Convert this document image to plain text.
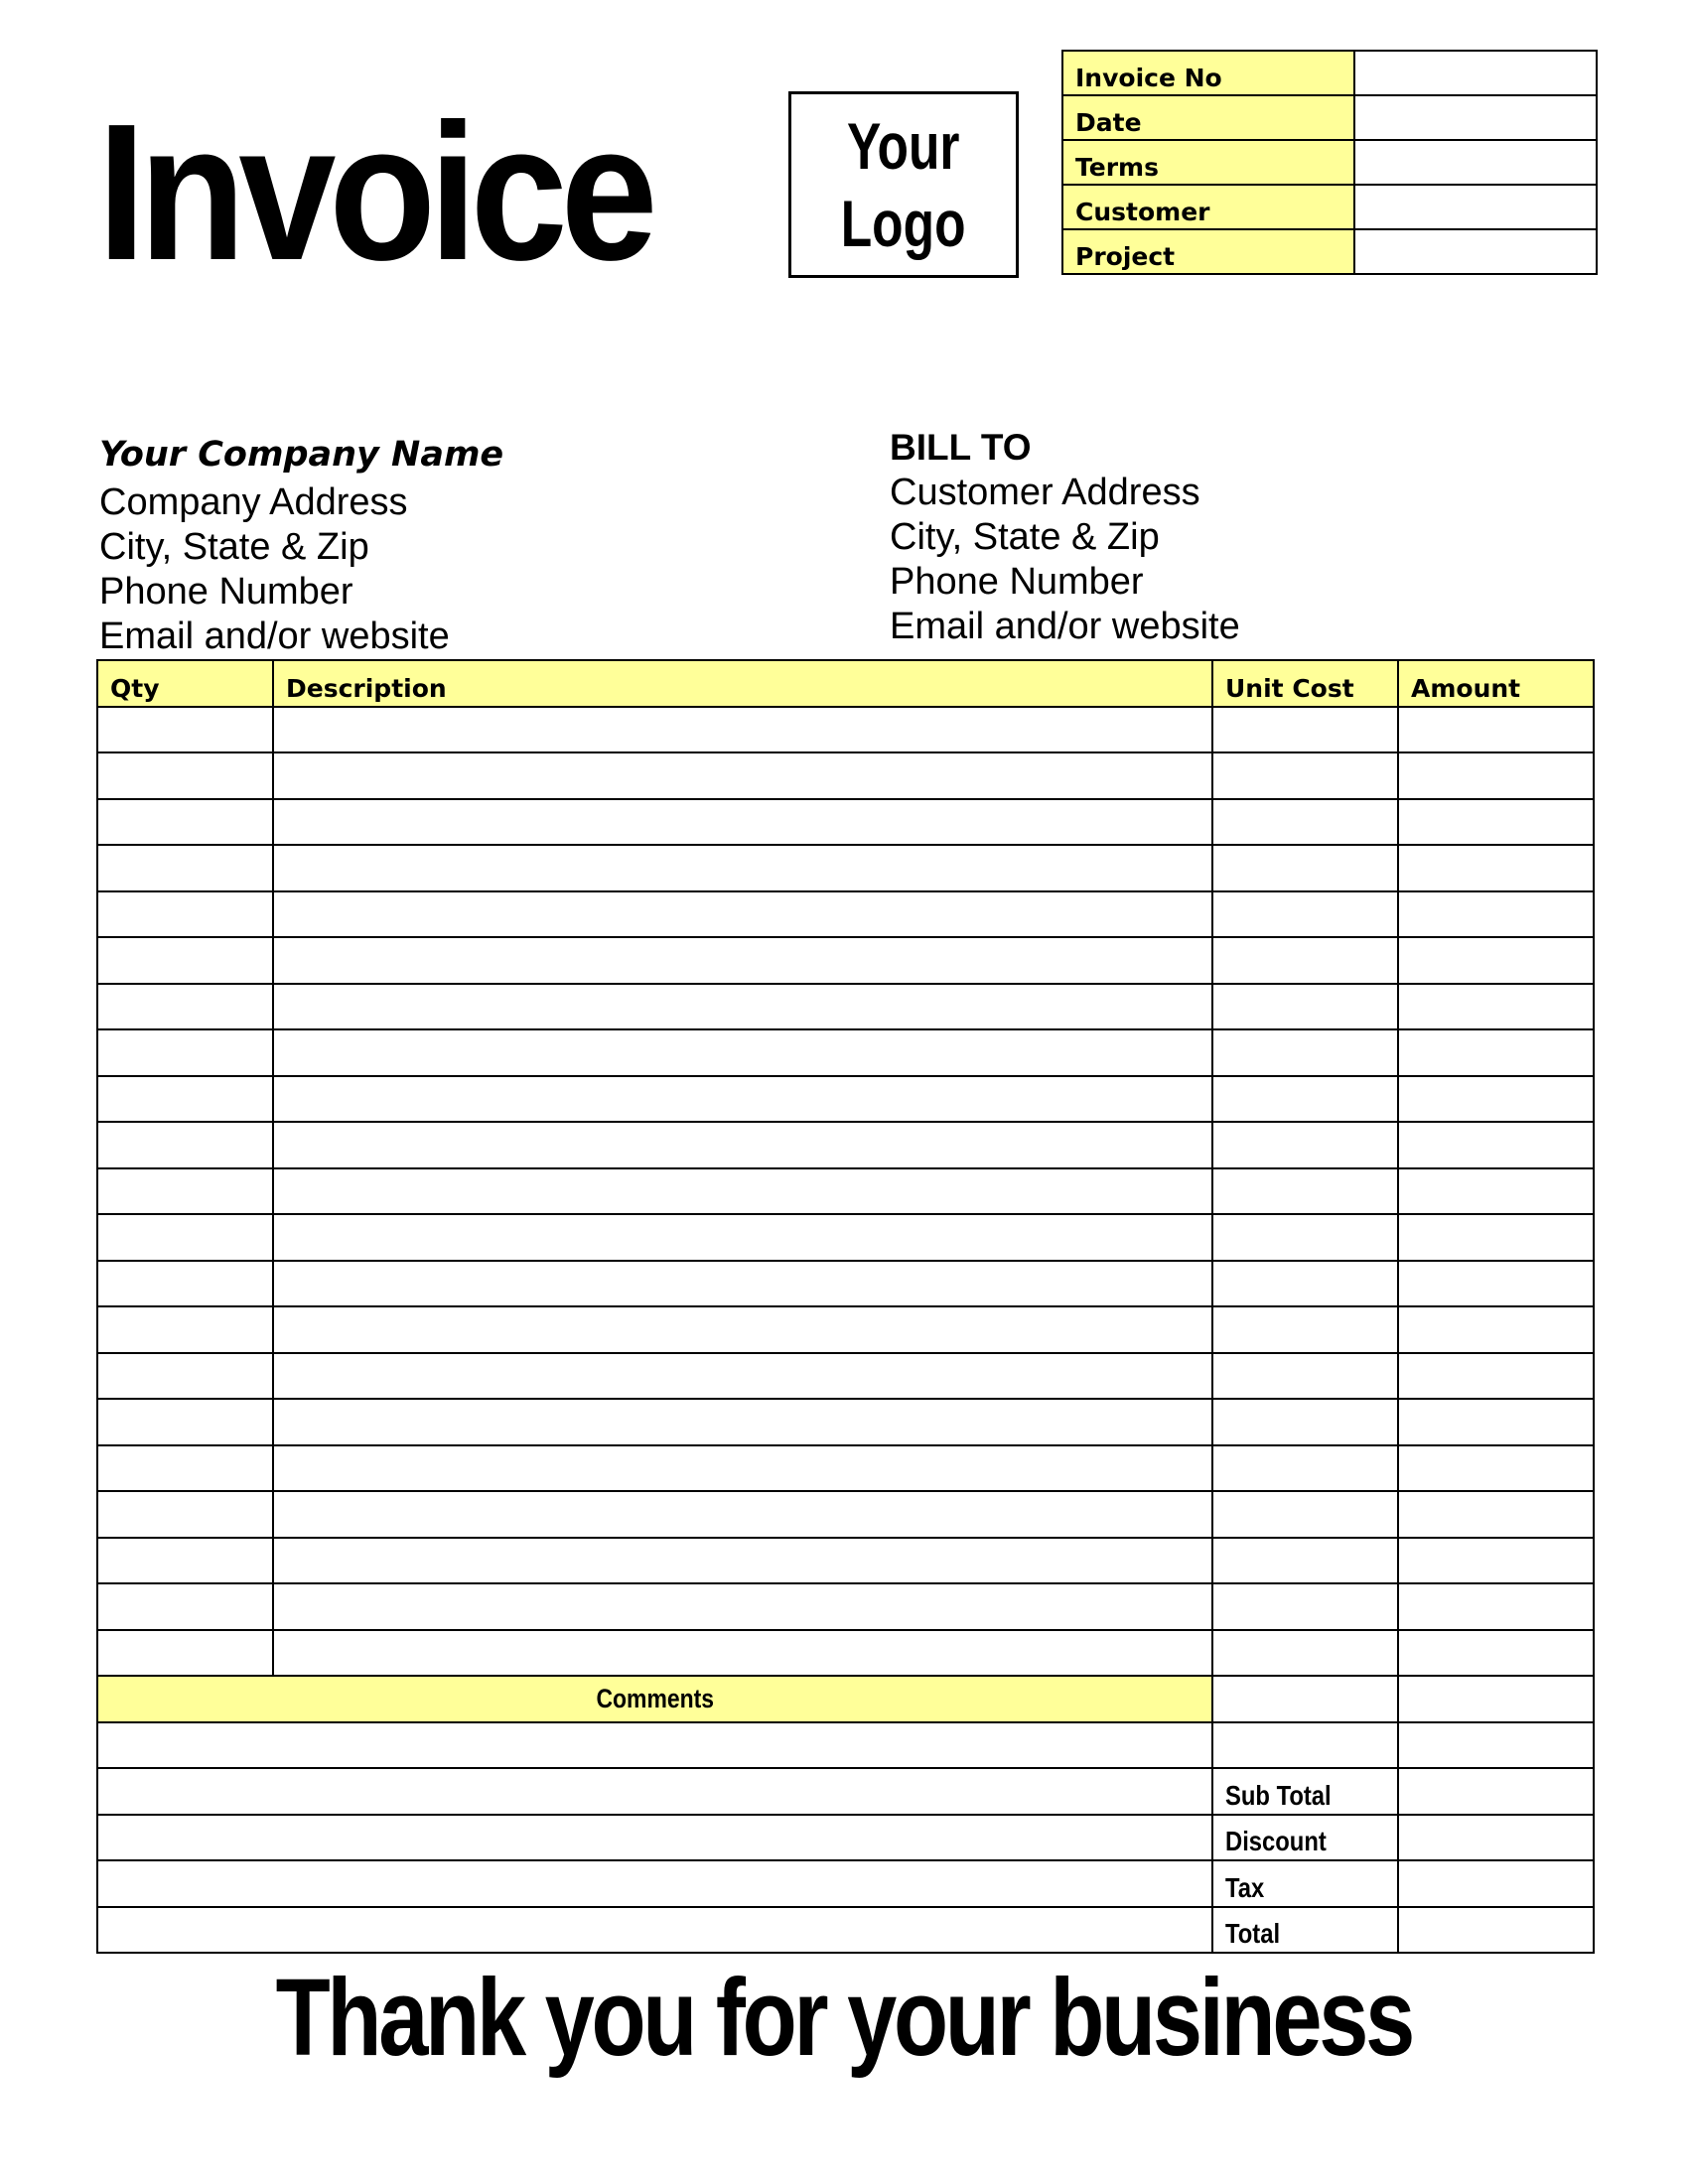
Invoice	Your
Logo
Invoice No	
Date	
Terms	
Customer	
Project	
Your Company Name
Company Address
City, State & Zip
Phone Number
Email and/or website
BILL TO
Customer Address
City, State & Zip
Phone Number
Email and/or website
Qty	Description	Unit Cost	Amount

Comments			

		Sub Total	
		Discount	
		Tax	
		Total	
Thank you for your business
